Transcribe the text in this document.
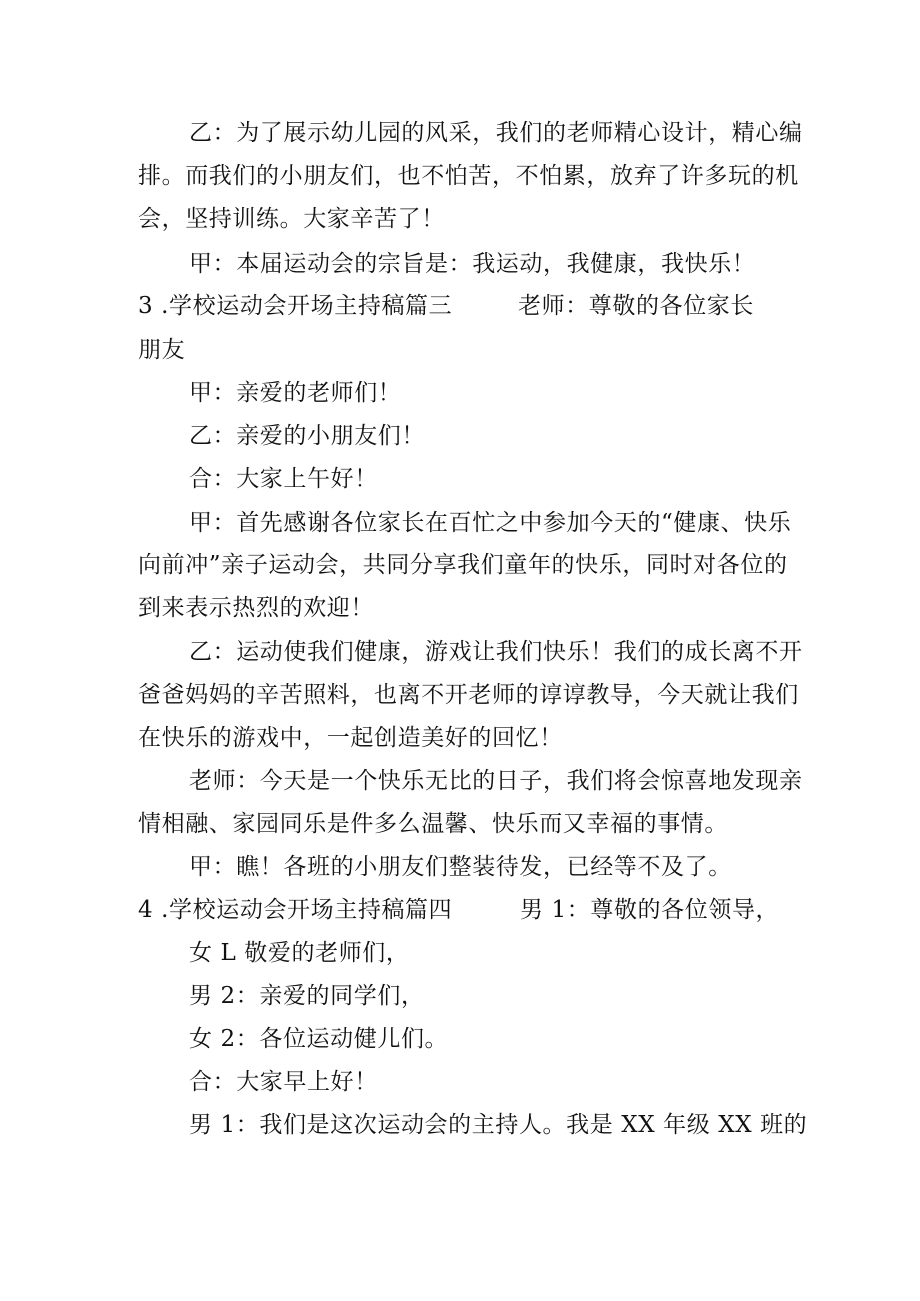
乙：为了展示幼儿园的风采，我们的老师精心设计，精心编
排。而我们的小朋友们，也不怕苦，不怕累，放弃了许多玩的机
会，坚持训练。大家辛苦了！
甲：本届运动会的宗旨是：我运动，我健康，我快乐！
3 .学校运动会开场主持稿篇三	老师：尊敬的各位家长
朋友
甲：亲爱的老师们！
乙：亲爱的小朋友们！
合：大家上午好！
甲：首先感谢各位家长在百忙之中参加今天的“健康、快乐
向前冲”亲子运动会，共同分享我们童年的快乐，同时对各位的
到来表示热烈的欢迎！
乙：运动使我们健康，游戏让我们快乐！我们的成长离不开
爸爸妈妈的辛苦照料，也离不开老师的谆谆教导，今天就让我们
在快乐的游戏中，一起创造美好的回忆！
老师：今天是一个快乐无比的日子，我们将会惊喜地发现亲
情相融、家园同乐是件多么温馨、快乐而又幸福的事情。
甲：瞧！各班的小朋友们整装待发，已经等不及了。
4 .学校运动会开场主持稿篇四	男 1：尊敬的各位领导，
女 L 敬爱的老师们，
男 2：亲爱的同学们，
女 2：各位运动健儿们。
合：大家早上好！
男 1：我们是这次运动会的主持人。我是 XX 年级 XX 班的
